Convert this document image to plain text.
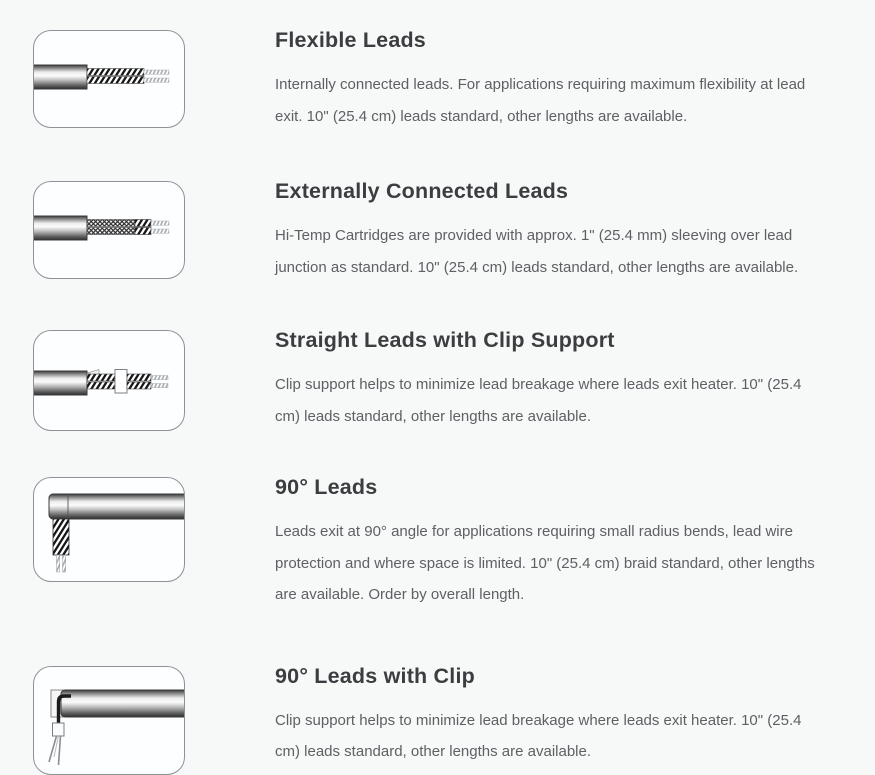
Flexible Leads

Internally connected leads. For applications requiring maximum flexibility at lead exit. 10" (25.4 cm) leads standard, other lengths are available.

Externally Connected Leads

Hi-Temp Cartridges are provided with approx. 1" (25.4 mm) sleeving over lead junction as standard. 10" (25.4 cm) leads standard, other lengths are available.

Straight Leads with Clip Support

Clip support helps to minimize lead breakage where leads exit heater. 10" (25.4 cm) leads standard, other lengths are available.

90° Leads

Leads exit at 90° angle for applications requiring small radius bends, lead wire protection and where space is limited. 10" (25.4 cm) braid standard, other lengths are available. Order by overall length.

90° Leads with Clip

Clip support helps to minimize lead breakage where leads exit heater. 10" (25.4 cm) leads standard, other lengths are available.
